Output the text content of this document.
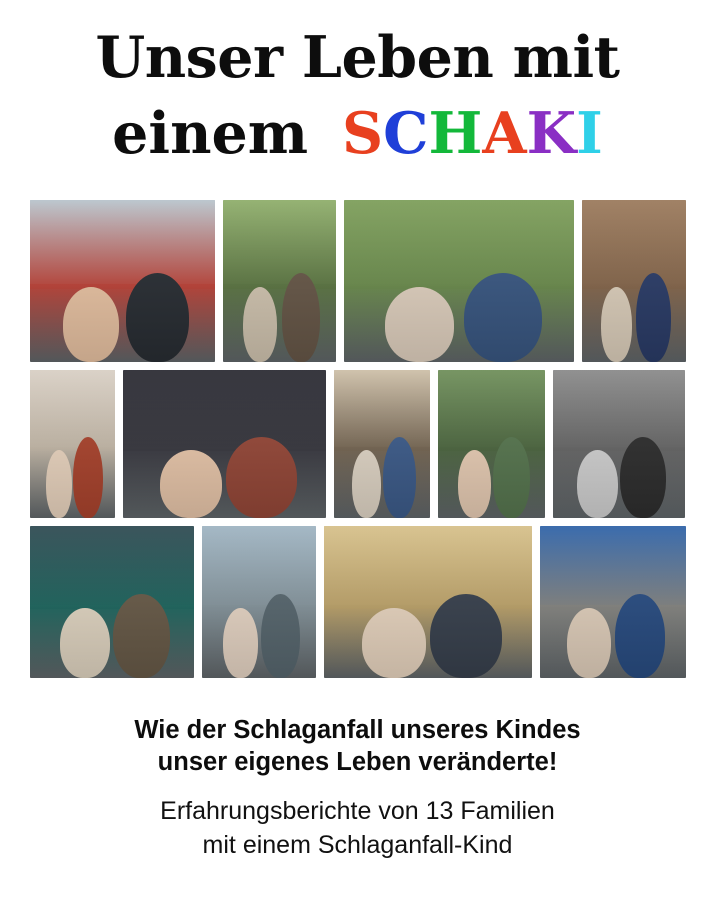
Unser Leben mit
einem SCHAKI
Wie der Schlaganfall unseres Kindes
unser eigenes Leben veränderte!
Erfahrungsberichte von 13 Familien
mit einem Schlaganfall-Kind
